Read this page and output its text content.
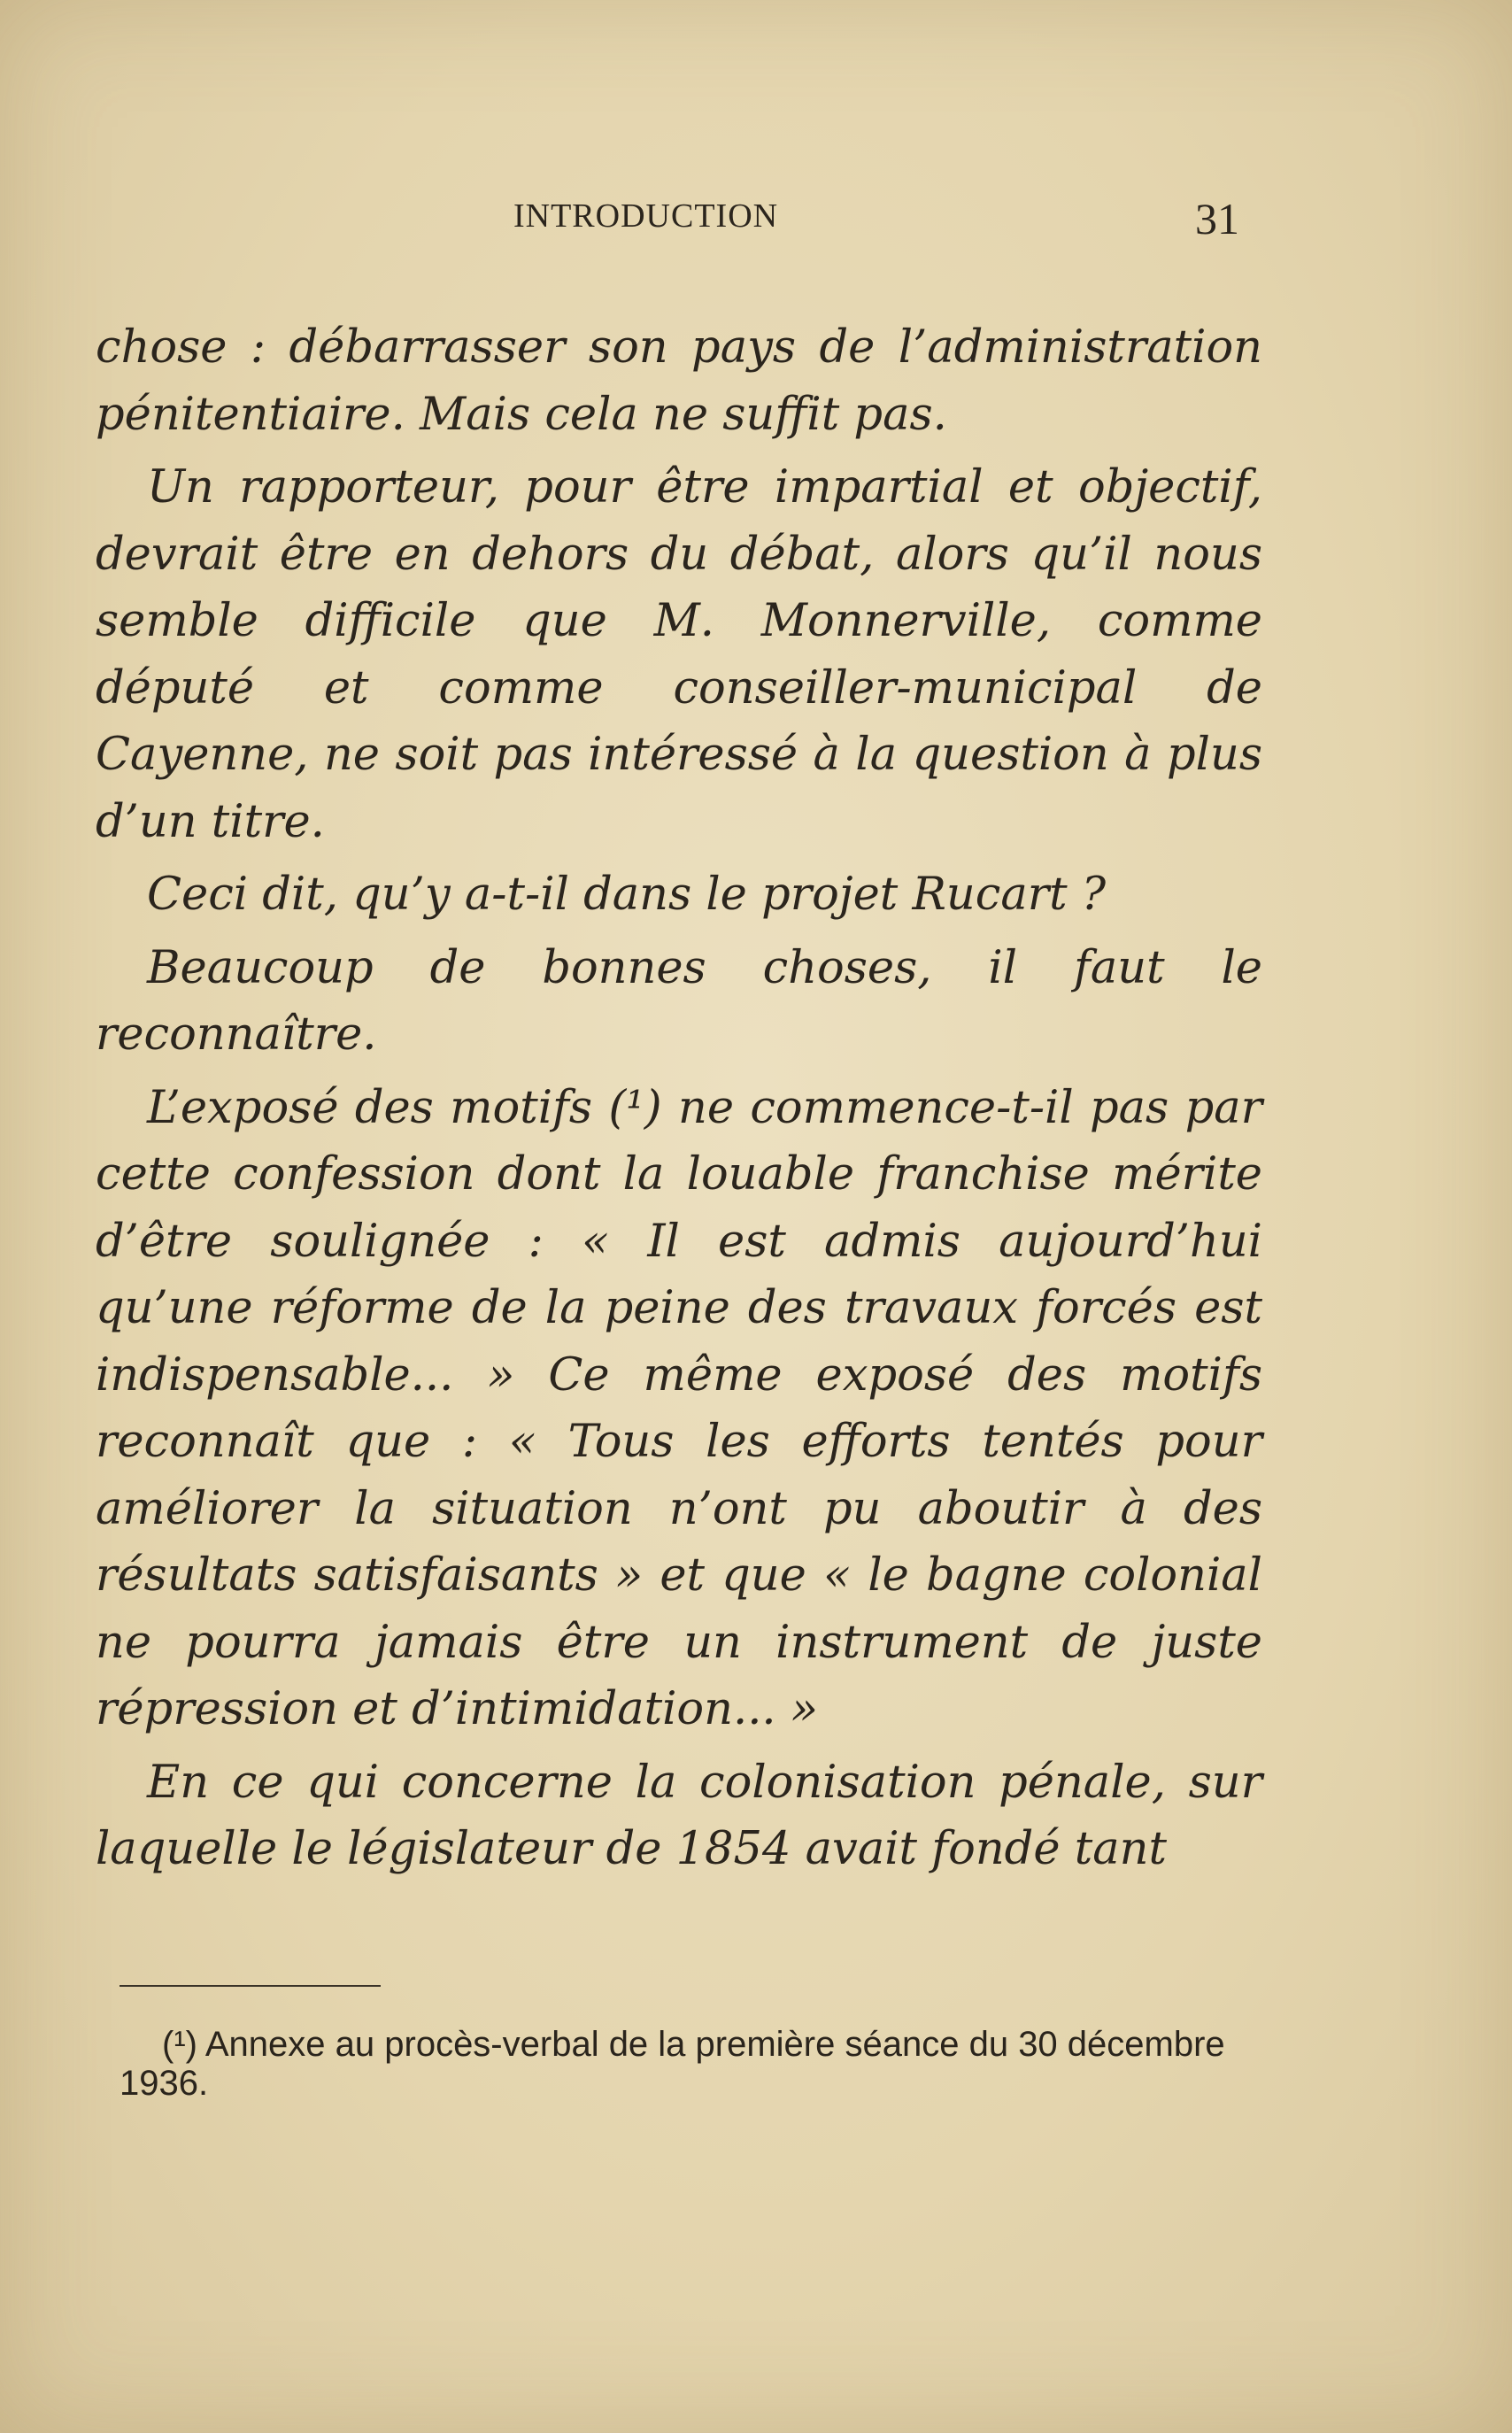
INTRODUCTION	31

chose : débarrasser son pays de l’administration pénitentiaire. Mais cela ne suffit pas.

Un rapporteur, pour être impartial et objectif, devrait être en dehors du débat, alors qu’il nous semble difficile que M. Monnerville, comme député et comme conseiller-municipal de Cayenne, ne soit pas intéressé à la question à plus d’un titre.

Ceci dit, qu’y a-t-il dans le projet Rucart ?

Beaucoup de bonnes choses, il faut le reconnaître.

L’exposé des motifs (¹) ne commence-t-il pas par cette confession dont la louable franchise mérite d’être soulignée : « Il est admis aujourd’hui qu’une réforme de la peine des travaux forcés est indispensable... » Ce même exposé des motifs reconnaît que : « Tous les efforts tentés pour améliorer la situation n’ont pu aboutir à des résultats satisfaisants » et que « le bagne colonial ne pourra jamais être un instrument de juste répression et d’intimidation... »

En ce qui concerne la colonisation pénale, sur laquelle le législateur de 1854 avait fondé tant

(¹) Annexe au procès-verbal de la première séance du 30 décembre 1936.
